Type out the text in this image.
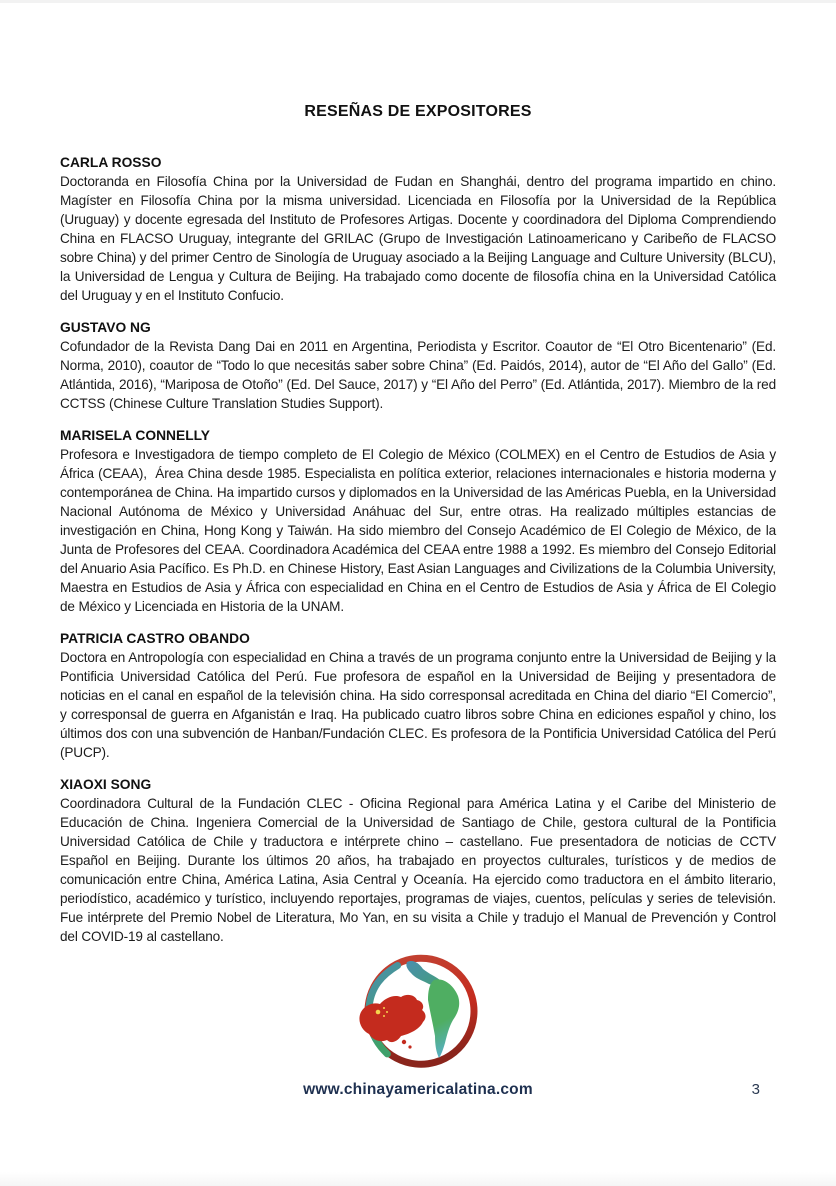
RESEÑAS DE EXPOSITORES
CARLA ROSSO

Doctoranda en Filosofía China por la Universidad de Fudan en Shanghái, dentro del programa impartido en chino. Magíster en Filosofía China por la misma universidad. Licenciada en Filosofía por la Universidad de la República (Uruguay) y docente egresada del Instituto de Profesores Artigas. Docente y coordinadora del Diploma Comprendiendo China en FLACSO Uruguay, integrante del GRILAC (Grupo de Investigación Latinoamericano y Caribeño de FLACSO sobre China) y del primer Centro de Sinología de Uruguay asociado a la Beijing Language and Culture University (BLCU), la Universidad de Lengua y Cultura de Beijing. Ha trabajado como docente de filosofía china en la Universidad Católica del Uruguay y en el Instituto Confucio.

GUSTAVO NG

Cofundador de la Revista Dang Dai en 2011 en Argentina, Periodista y Escritor. Coautor de “El Otro Bicentenario” (Ed. Norma, 2010), coautor de “Todo lo que necesitás saber sobre China” (Ed. Paidós, 2014), autor de “El Año del Gallo” (Ed. Atlántida, 2016), “Mariposa de Otoño” (Ed. Del Sauce, 2017) y “El Año del Perro” (Ed. Atlántida, 2017). Miembro de la red CCTSS (Chinese Culture Translation Studies Support).

MARISELA CONNELLY

Profesora e Investigadora de tiempo completo de El Colegio de México (COLMEX) en el Centro de Estudios de Asia y África (CEAA),  Área China desde 1985. Especialista en política exterior, relaciones internacionales e historia moderna y contemporánea de China. Ha impartido cursos y diplomados en la Universidad de las Américas Puebla, en la Universidad Nacional Autónoma de México y Universidad Anáhuac del Sur, entre otras. Ha realizado múltiples estancias de investigación en China, Hong Kong y Taiwán. Ha sido miembro del Consejo Académico de El Colegio de México, de la Junta de Profesores del CEAA. Coordinadora Académica del CEAA entre 1988 a 1992. Es miembro del Consejo Editorial del Anuario Asia Pacífico. Es Ph.D. en Chinese History, East Asian Languages and Civilizations de la Columbia University, Maestra en Estudios de Asia y África con especialidad en China en el Centro de Estudios de Asia y África de El Colegio de México y Licenciada en Historia de la UNAM.

PATRICIA CASTRO OBANDO

Doctora en Antropología con especialidad en China a través de un programa conjunto entre la Universidad de Beijing y la Pontificia Universidad Católica del Perú. Fue profesora de español en la Universidad de Beijing y presentadora de noticias en el canal en español de la televisión china. Ha sido corresponsal acreditada en China del diario “El Comercio”, y corresponsal de guerra en Afganistán e Iraq. Ha publicado cuatro libros sobre China en ediciones español y chino, los últimos dos con una subvención de Hanban/Fundación CLEC. Es profesora de la Pontificia Universidad Católica del Perú (PUCP).

XIAOXI SONG

Coordinadora Cultural de la Fundación CLEC - Oficina Regional para América Latina y el Caribe del Ministerio de Educación de China. Ingeniera Comercial de la Universidad de Santiago de Chile, gestora cultural de la Pontificia Universidad Católica de Chile y traductora e intérprete chino – castellano. Fue presentadora de noticias de CCTV Español en Beijing. Durante los últimos 20 años, ha trabajado en proyectos culturales, turísticos y de medios de comunicación entre China, América Latina, Asia Central y Oceanía. Ha ejercido como traductora en el ámbito literario, periodístico, académico y turístico, incluyendo reportajes, programas de viajes, cuentos, películas y series de televisión. Fue intérprete del Premio Nobel de Literatura, Mo Yan, en su visita a Chile y tradujo el Manual de Prevención y Control del COVID-19 al castellano.

www.chinayamericalatina.com	3
